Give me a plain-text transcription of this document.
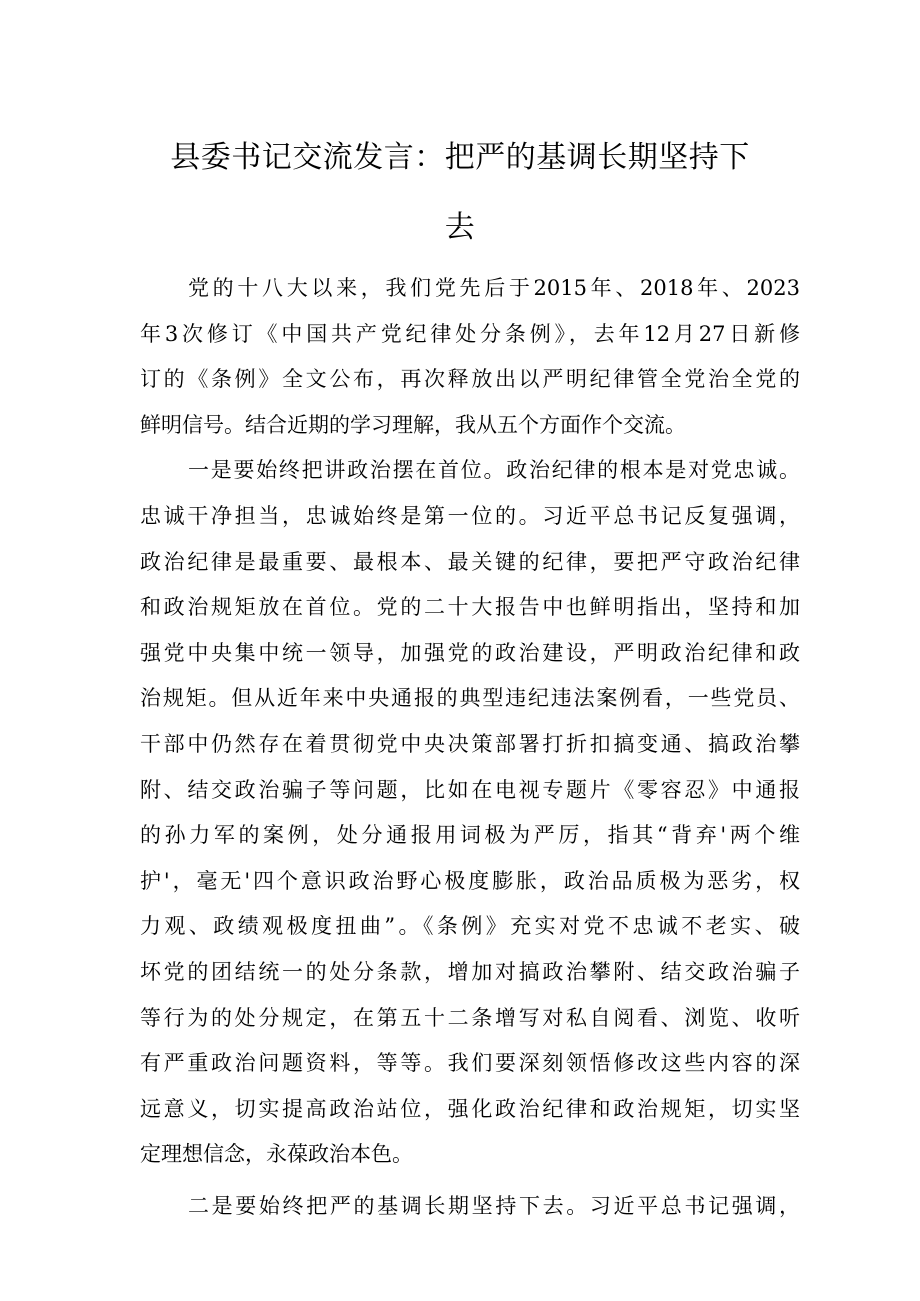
县委书记交流发言：把严的基调长期坚持下
去
党的十八大以来，我们党先后于2015年、2018年、2023
年3次修订《中国共产党纪律处分条例》，去年12月27日新修
订的《条例》全文公布，再次释放出以严明纪律管全党治全党的
鲜明信号。结合近期的学习理解，我从五个方面作个交流。
一是要始终把讲政治摆在首位。政治纪律的根本是对党忠诚。
忠诚干净担当，忠诚始终是第一位的。习近平总书记反复强调，
政治纪律是最重要、最根本、最关键的纪律，要把严守政治纪律
和政治规矩放在首位。党的二十大报告中也鲜明指出，坚持和加
强党中央集中统一领导，加强党的政治建设，严明政治纪律和政
治规矩。但从近年来中央通报的典型违纪违法案例看，一些党员、
干部中仍然存在着贯彻党中央决策部署打折扣搞变通、搞政治攀
附、结交政治骗子等问题，比如在电视专题片《零容忍》中通报
的孙力军的案例，处分通报用词极为严厉，指其“背弃'两个维
护'，毫无'四个意识政治野心极度膨胀，政治品质极为恶劣，权
力观、政绩观极度扭曲”。《条例》充实对党不忠诚不老实、破
坏党的团结统一的处分条款，增加对搞政治攀附、结交政治骗子
等行为的处分规定，在第五十二条增写对私自阅看、浏览、收听
有严重政治问题资料，等等。我们要深刻领悟修改这些内容的深
远意义，切实提高政治站位，强化政治纪律和政治规矩，切实坚
定理想信念，永葆政治本色。
二是要始终把严的基调长期坚持下去。习近平总书记强调，
